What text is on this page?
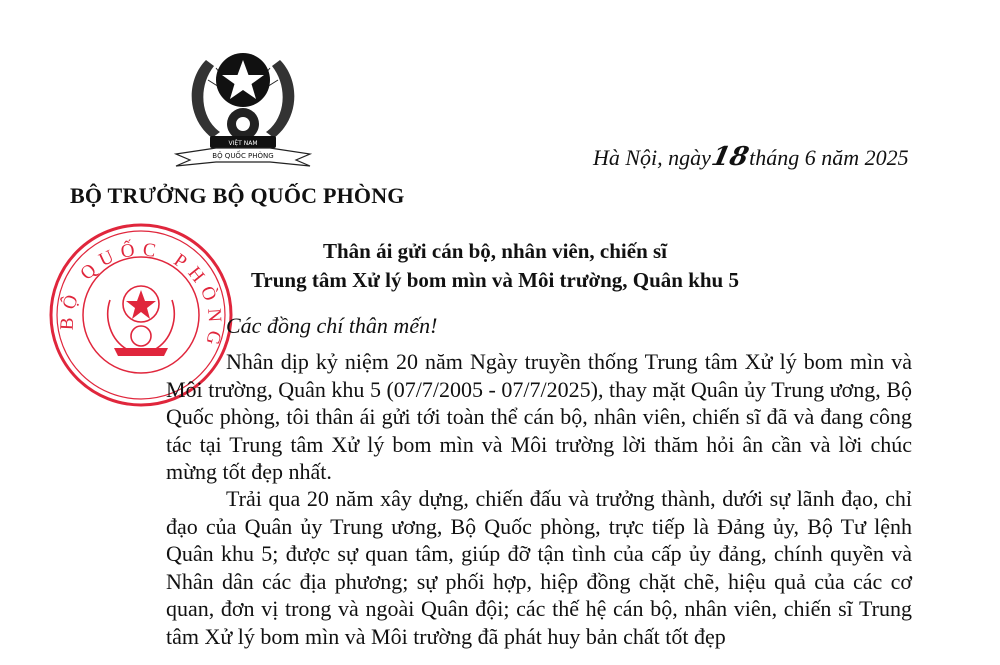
VIỆT NAM
BỘ QUỐC PHÒNG
BỘ QUỐC PHÒNG
BỘ TRƯỞNG BỘ QUỐC PHÒNG
Hà Nội, ngày18tháng 6 năm 2025
Thân ái gửi cán bộ, nhân viên, chiến sĩ
Trung tâm Xử lý bom mìn và Môi trường, Quân khu 5
Các đồng chí thân mến!

Nhân dịp kỷ niệm 20 năm Ngày truyền thống Trung tâm Xử lý bom mìn và Môi trường, Quân khu 5 (07/7/2005 - 07/7/2025), thay mặt Quân ủy Trung ương, Bộ Quốc phòng, tôi thân ái gửi tới toàn thể cán bộ, nhân viên, chiến sĩ đã và đang công tác tại Trung tâm Xử lý bom mìn và Môi trường lời thăm hỏi ân cần và lời chúc mừng tốt đẹp nhất.

Trải qua 20 năm xây dựng, chiến đấu và trưởng thành, dưới sự lãnh đạo, chỉ đạo của Quân ủy Trung ương, Bộ Quốc phòng, trực tiếp là Đảng ủy, Bộ Tư lệnh Quân khu 5; được sự quan tâm, giúp đỡ tận tình của cấp ủy đảng, chính quyền và Nhân dân các địa phương; sự phối hợp, hiệp đồng chặt chẽ, hiệu quả của các cơ quan, đơn vị trong và ngoài Quân đội; các thế hệ cán bộ, nhân viên, chiến sĩ Trung tâm Xử lý bom mìn và Môi trường đã phát huy bản chất tốt đẹp
